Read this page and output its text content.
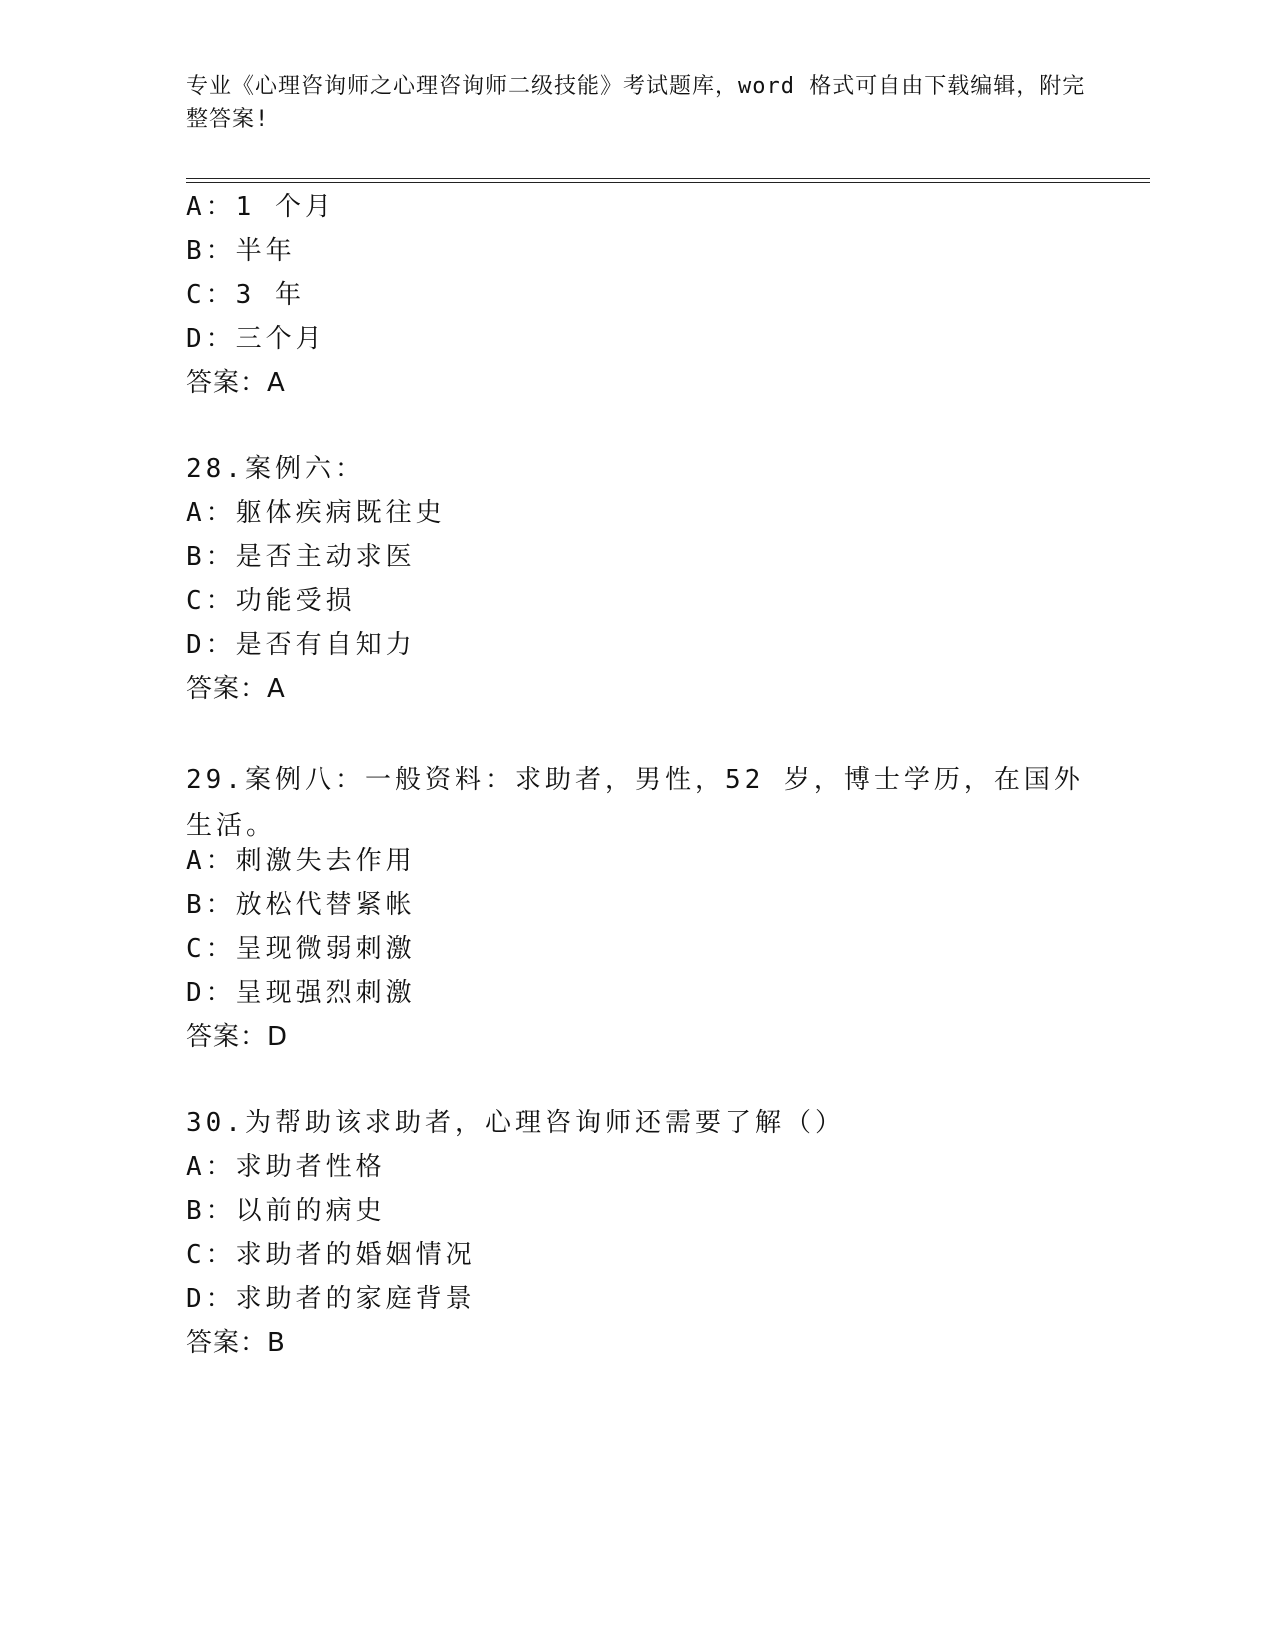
专业《心理咨询师之心理咨询师二级技能》考试题库，word 格式可自由下载编辑，附完整答案!
A：1 个月
B：半年
C：3 年
D：三个月
答案：A
28.案例六：
A：躯体疾病既往史
B：是否主动求医
C：功能受损
D：是否有自知力
答案：A
29.案例八：一般资料：求助者，男性，52 岁，博士学历，在国外生活。
A：刺激失去作用
B：放松代替紧帐
C：呈现微弱刺激
D：呈现强烈刺激
答案：D
30.为帮助该求助者，心理咨询师还需要了解（）
A：求助者性格
B：以前的病史
C：求助者的婚姻情况
D：求助者的家庭背景
答案：B
